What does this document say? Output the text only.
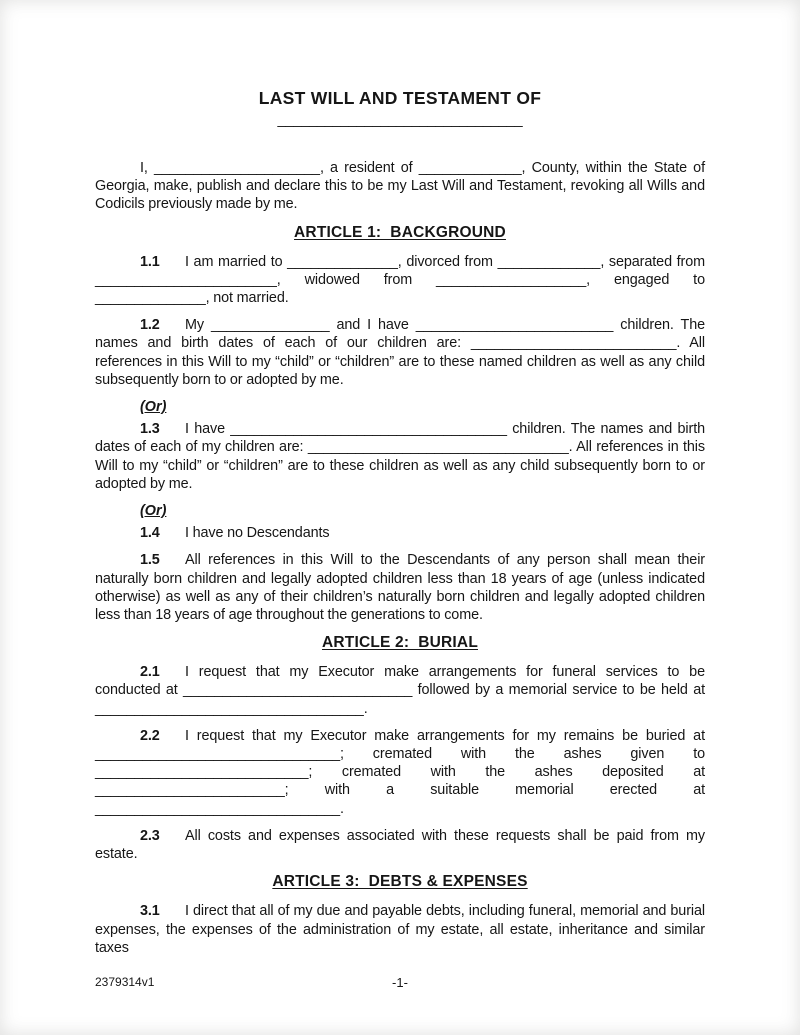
LAST WILL AND TESTAMENT OF
_______________________________

I, _____________________, a resident of _____________, County, within the State of Georgia, make, publish and declare this to be my Last Will and Testament, revoking all Wills and Codicils previously made by me.

ARTICLE 1:  BACKGROUND

1.1 I am married to ______________, divorced from _____________, separated from _______________________, widowed from ___________________, engaged to ______________, not married.

1.2 My _______________ and I have _________________________ children. The names and birth dates of each of our children are: __________________________. All references in this Will to my “child” or “children” are to these named children as well as any child subsequently born to or adopted by me.

(Or)

1.3 I have ___________________________________ children. The names and birth dates of each of my children are: _________________________________. All references in this Will to my “child” or “children” are to these children as well as any child subsequently born to or adopted by me.

(Or)

1.4 I have no Descendants

1.5 All references in this Will to the Descendants of any person shall mean their naturally born children and legally adopted children less than 18 years of age (unless indicated otherwise) as well as any of their children’s naturally born children and legally adopted children less than 18 years of age throughout the generations to come.

ARTICLE 2:  BURIAL

2.1 I request that my Executor make arrangements for funeral services to be conducted at _____________________________ followed by a memorial service to be held at __________________________________.

2.2 I request that my Executor make arrangements for my remains be buried at _______________________________; cremated with the ashes given to ___________________________; cremated with the ashes deposited at ________________________; with a suitable memorial erected at _______________________________.

2.3 All costs and expenses associated with these requests shall be paid from my estate.

ARTICLE 3:  DEBTS & EXPENSES

3.1 I direct that all of my due and payable debts, including funeral, memorial and burial expenses, the expenses of the administration of my estate, all estate, inheritance and similar taxes

2379314v1	-1-
